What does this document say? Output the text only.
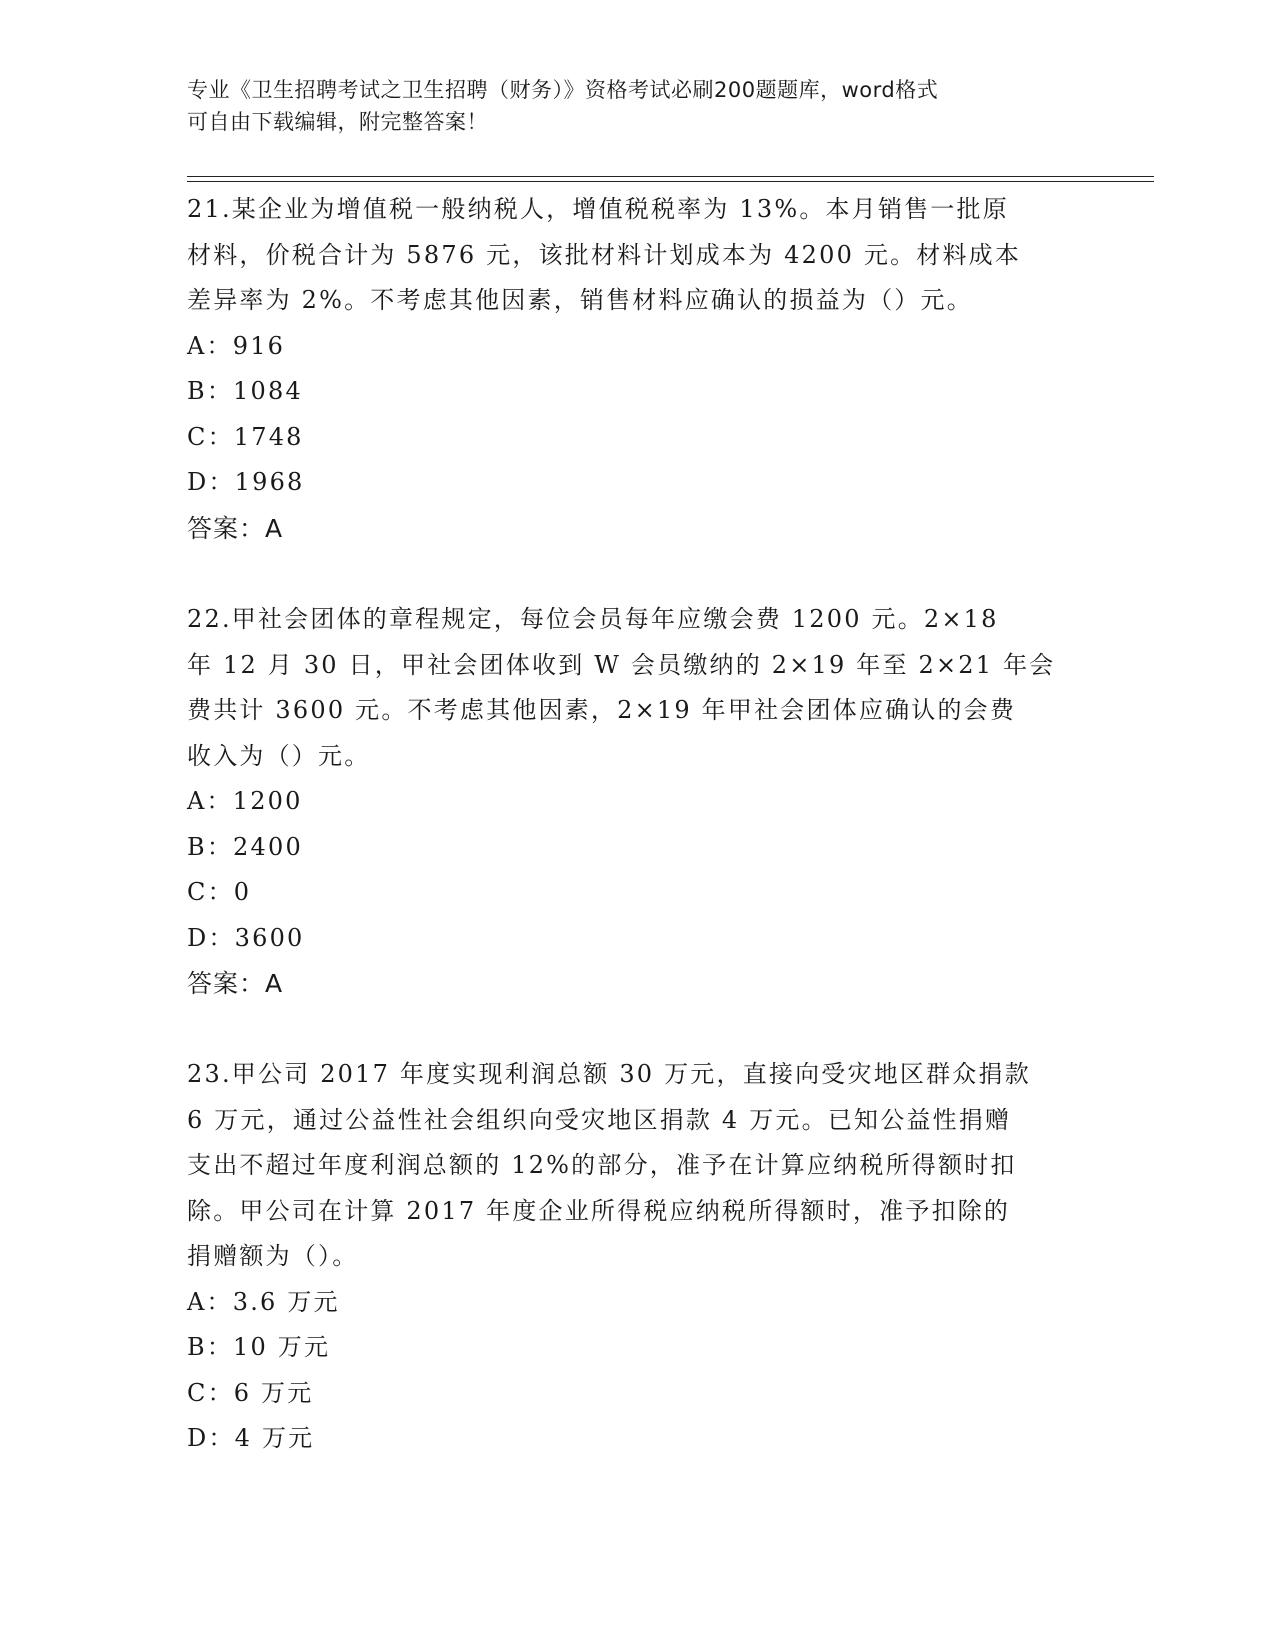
专业《卫生招聘考试之卫生招聘（财务）》资格考试必刷200题题库，word格式
可自由下载编辑，附完整答案！
21.某企业为增值税一般纳税人，增值税税率为 13%。本月销售一批原
材料，价税合计为 5876 元，该批材料计划成本为 4200 元。材料成本
差异率为 2%。不考虑其他因素，销售材料应确认的损益为（）元。
A：916
B：1084
C：1748
D：1968
答案：A
22.甲社会团体的章程规定，每位会员每年应缴会费 1200 元。2×18
年 12 月 30 日，甲社会团体收到 W 会员缴纳的 2×19 年至 2×21 年会
费共计 3600 元。不考虑其他因素，2×19 年甲社会团体应确认的会费
收入为（）元。
A：1200
B：2400
C：0
D：3600
答案：A
23.甲公司 2017 年度实现利润总额 30 万元，直接向受灾地区群众捐款
6 万元，通过公益性社会组织向受灾地区捐款 4 万元。已知公益性捐赠
支出不超过年度利润总额的 12%的部分，准予在计算应纳税所得额时扣
除。甲公司在计算 2017 年度企业所得税应纳税所得额时，准予扣除的
捐赠额为（）。
A：3.6 万元
B：10 万元
C：6 万元
D：4 万元
